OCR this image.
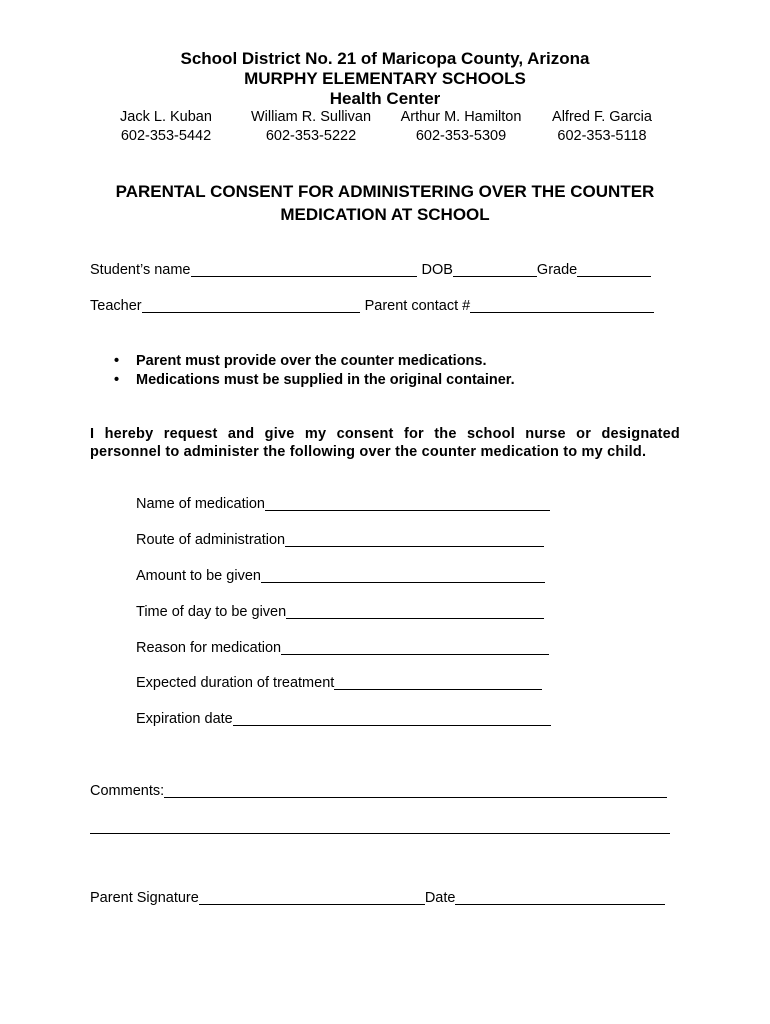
School District No. 21 of Maricopa County, Arizona
MURPHY ELEMENTARY SCHOOLS
Health Center
Jack L. Kuban
602-353-5442
William R. Sullivan
602-353-5222
Arthur M. Hamilton
602-353-5309
Alfred F. Garcia
602-353-5118
PARENTAL CONSENT FOR ADMINISTERING OVER THE COUNTER
MEDICATION AT SCHOOL
Student’s name	DOB	Grade
Teacher	Parent contact #
• Parent must provide over the counter medications.
• Medications must be supplied in the original container.
I hereby request and give my consent for the school nurse or designated personnel to administer the following over the counter medication to my child.
Name of medication
Route of administration
Amount to be given
Time of day to be given
Reason for medication
Expected duration of treatment
Expiration date
Comments:
Parent Signature	Date
